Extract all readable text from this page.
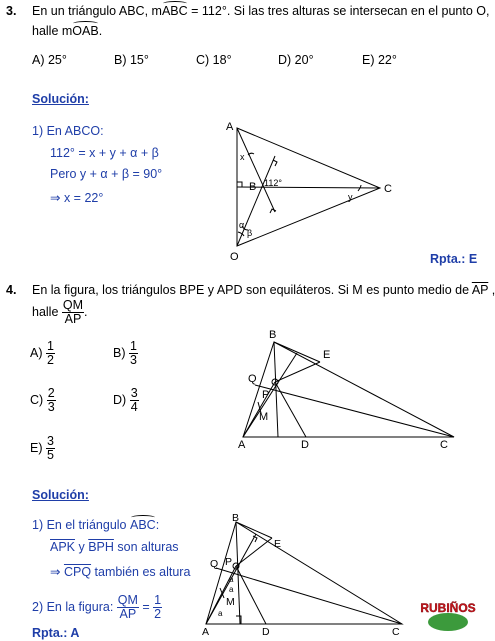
3. En un triángulo ABC, mABC = 112°. Si las tres alturas se intersecan en el punto O,
halle mOAB.
A) 25°	B) 15°	C) 18°	D) 20°	E) 22°
Solución:
1) En ABCO:
112° = x + y + α + β
Pero y + α + β = 90°
⇒ x = 22°
Rpta.: E
A
B	C
O
112°
x
y
α
β
4. En la figura, los triángulos BPE y APD son equiláteros. Si M es punto medio de $\overline{AP}$ ,
halle $\frac{QM}{AP}$ .
$A) \frac{1}{2}$	$B) \frac{1}{3}$
$C) \frac{2}{3}$	$D) \frac{3}{4}$
$E) \frac{3}{5}$
B
E
Q
P
M
A	D	C
Solución:
1) En el triángulo ABC:
$\overline{APK}$ y $\overline{BPH}$ son alturas
⇒ $\overline{CPQ}$ también es altura
2) En la figura: $\frac{QM}{AP} = \frac{1}{2}$
Rpta.: A
B
E
Q P
M
A	D	C
a
a
a	RUBIÑOS
